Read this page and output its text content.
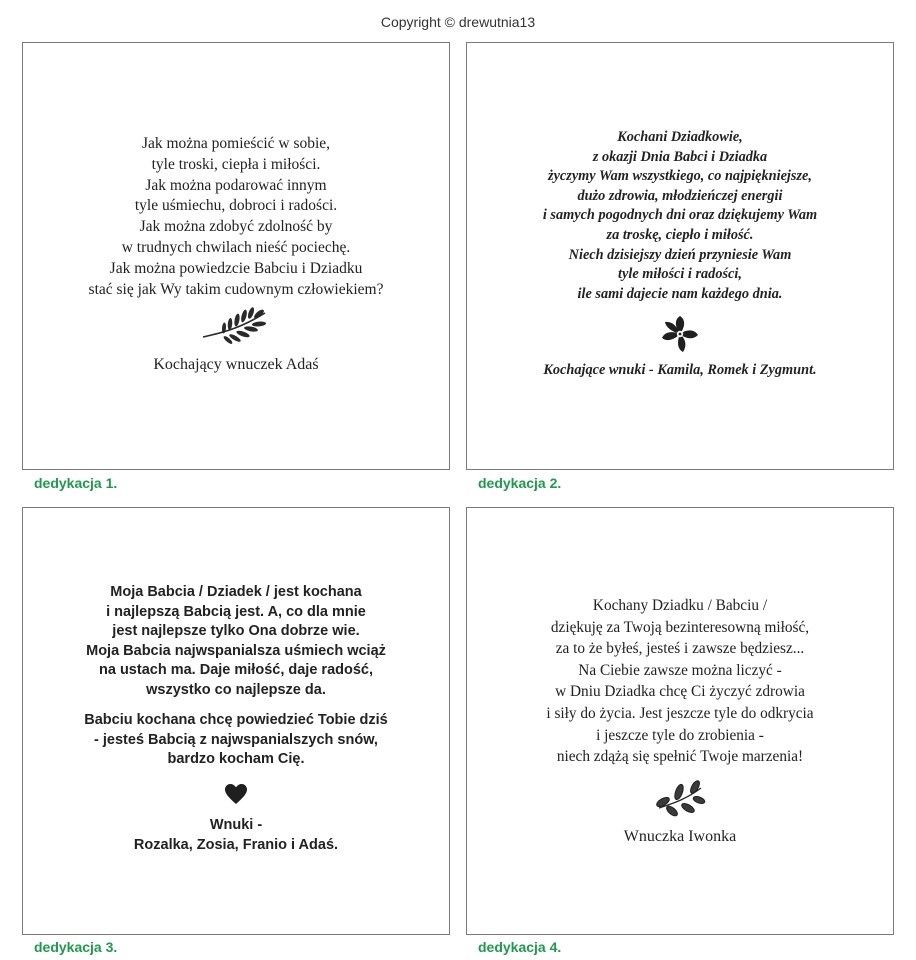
Copyright © drewutnia13
Jak można pomieścić w sobie,
tyle troski, ciepła i miłości.
Jak można podarować innym
tyle uśmiechu, dobroci i radości.
Jak można zdobyć zdolność by
w trudnych chwilach nieść pociechę.
Jak można powiedzcie Babciu i Dziadku
stać się jak Wy takim cudownym człowiekiem?
Kochający wnuczek Adaś
dedykacja 1.
Kochani Dziadkowie,
z okazji Dnia Babci i Dziadka
życzymy Wam wszystkiego, co najpiękniejsze,
dużo zdrowia, młodzieńczej energii
i samych pogodnych dni oraz dziękujemy Wam
za troskę, ciepło i miłość.
Niech dzisiejszy dzień przyniesie Wam
tyle miłości i radości,
ile sami dajecie nam każdego dnia.
Kochające wnuki - Kamila, Romek i Zygmunt.
dedykacja 2.
Moja Babcia / Dziadek / jest kochana
i najlepszą Babcią jest. A, co dla mnie
jest najlepsze tylko Ona dobrze wie.
Moja Babcia najwspanialsza uśmiech wciąż
na ustach ma. Daje miłość, daje radość,
wszystko co najlepsze da.
Babciu kochana chcę powiedzieć Tobie dziś
- jesteś Babcią z najwspanialszych snów,
bardzo kocham Cię.
Wnuki -
Rozalka, Zosia, Franio i Adaś.
dedykacja 3.
Kochany Dziadku / Babciu /
dziękuję za Twoją bezinteresowną miłość,
za to że byłeś, jesteś i zawsze będziesz...
Na Ciebie zawsze można liczyć -
w Dniu Dziadka chcę Ci życzyć zdrowia
i siły do życia. Jest jeszcze tyle do odkrycia
i jeszcze tyle do zrobienia -
niech zdążą się spełnić Twoje marzenia!
Wnuczka Iwonka
dedykacja 4.
